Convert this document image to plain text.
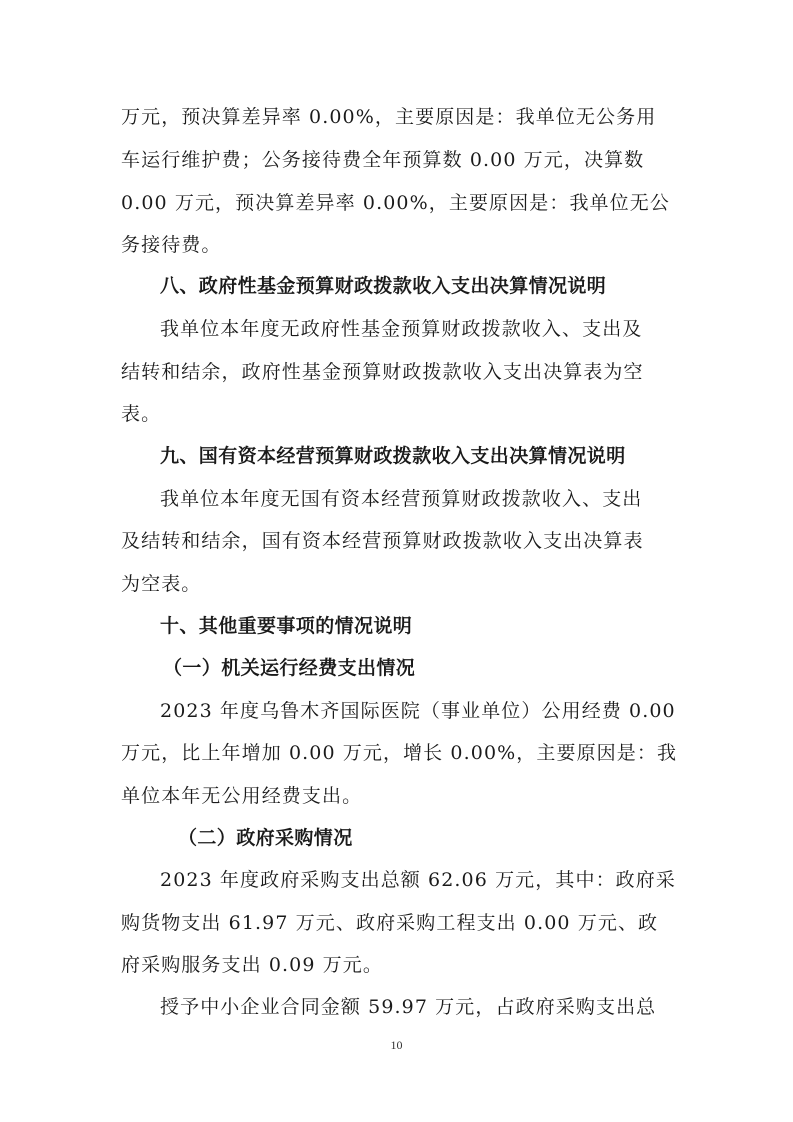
万元，预决算差异率 0.00%，主要原因是：我单位无公务用
车运行维护费；公务接待费全年预算数 0.00 万元，决算数
0.00 万元，预决算差异率 0.00%，主要原因是：我单位无公
务接待费。
八、政府性基金预算财政拨款收入支出决算情况说明
我单位本年度无政府性基金预算财政拨款收入、支出及
结转和结余，政府性基金预算财政拨款收入支出决算表为空
表。
九、国有资本经营预算财政拨款收入支出决算情况说明
我单位本年度无国有资本经营预算财政拨款收入、支出
及结转和结余，国有资本经营预算财政拨款收入支出决算表
为空表。
十、其他重要事项的情况说明
（一）机关运行经费支出情况
2023 年度乌鲁木齐国际医院（事业单位）公用经费 0.00
万元，比上年增加 0.00 万元，增长 0.00%，主要原因是：我
单位本年无公用经费支出。
（二）政府采购情况
2023 年度政府采购支出总额 62.06 万元，其中：政府采
购货物支出 61.97 万元、政府采购工程支出 0.00 万元、政
府采购服务支出 0.09 万元。
授予中小企业合同金额 59.97 万元，占政府采购支出总
10
